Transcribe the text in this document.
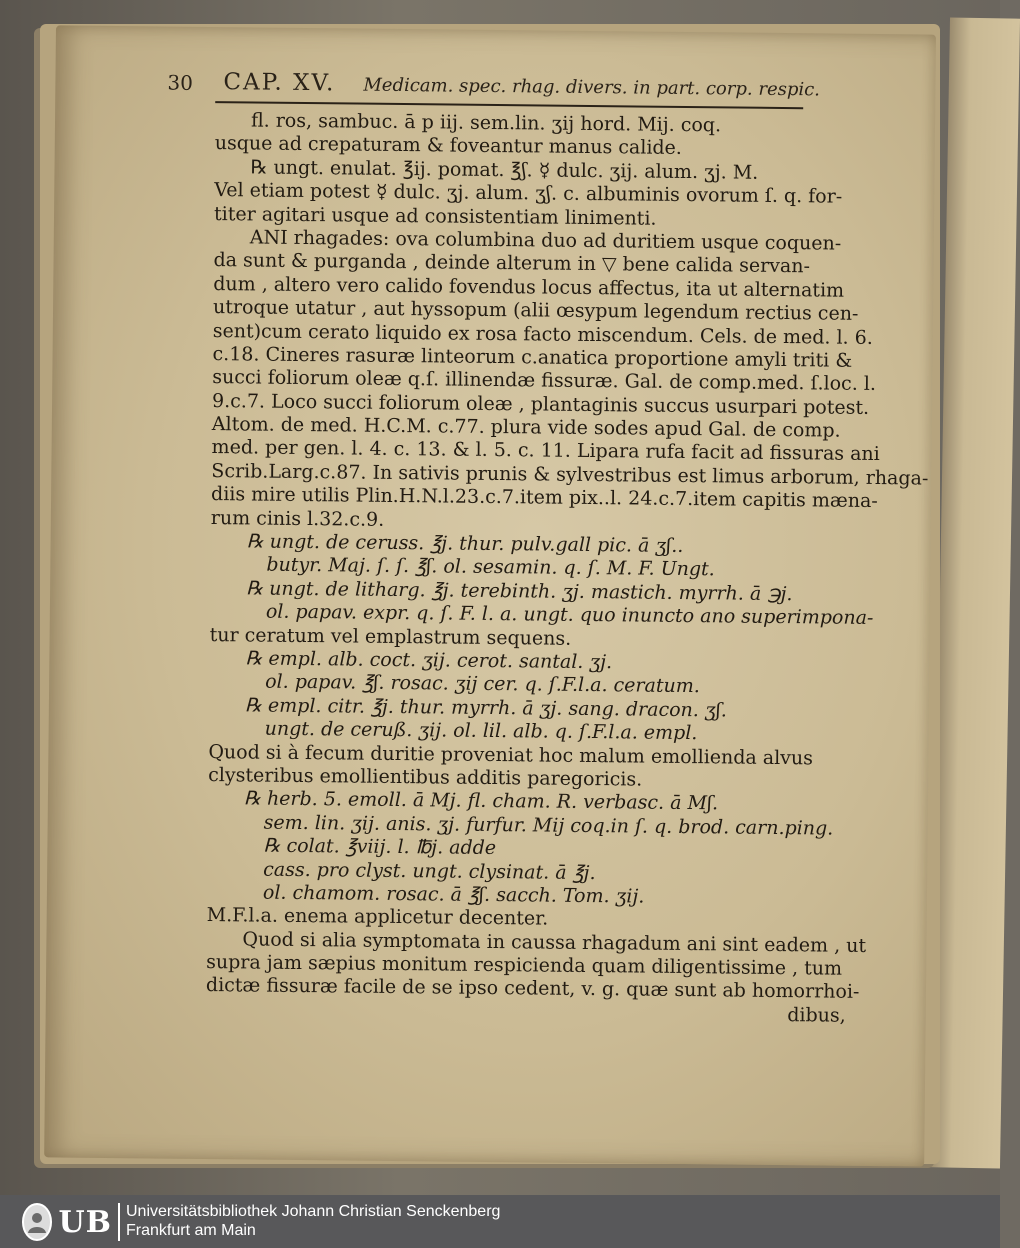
30 CAP. XV. Medicam. spec. rhag. divers. in part. corp. respic.
fl. ros, sambuc. ā p iij. sem.lin. ʒij hord. Mij. coq.
usque ad crepaturam & foveantur manus calide.
℞ ungt. enulat. ℥ij. pomat. ℥ʃ. ☿ dulc. ʒij. alum. ʒj. M.
Vel etiam potest ☿ dulc. ʒj. alum. ʒʃ. c. albuminis ovorum ſ. q. for-
titer agitari usque ad consistentiam linimenti.
ANI rhagades: ova columbina duo ad duritiem usque coquen-
da sunt & purganda , deinde alterum in ▽ bene calida servan-
dum , altero vero calido fovendus locus affectus, ita ut alternatim
utroque utatur , aut hyssopum (alii œsypum legendum rectius cen-
sent)cum cerato liquido ex rosa facto miscendum. Cels. de med. l. 6.
c.18. Cineres rasuræ linteorum c.anatica proportione amyli triti &
succi foliorum oleæ q.ſ. illinendæ fissuræ. Gal. de comp.med. ſ.loc. l.
9.c.7. Loco succi foliorum oleæ , plantaginis succus usurpari potest.
Altom. de med. H.C.M. c.77. plura vide sodes apud Gal. de comp.
med. per gen. l. 4. c. 13. & l. 5. c. 11. Lipara rufa facit ad fissuras ani
Scrib.Larg.c.87. In sativis prunis & sylvestribus est limus arborum, rhaga-
diis mire utilis Plin.H.N.l.23.c.7.item pix..l. 24.c.7.item capitis mæna-
rum cinis l.32.c.9.
℞ ungt. de ceruss. ℥j. thur. pulv.gall pic. ā ʒʃ..
butyr. Maj. ſ. ſ. ℥ʃ. ol. sesamin. q. ſ. M. F. Ungt.
℞ ungt. de litharg. ℥j. terebinth. ʒj. mastich. myrrh. ā ℈j.
ol. papav. expr. q. ſ. F. l. a. ungt. quo inuncto ano superimpona-
tur ceratum vel emplastrum sequens.
℞ empl. alb. coct. ʒij. cerot. santal. ʒj.
ol. papav. ℥ʃ. rosac. ʒij cer. q. ſ.F.l.a. ceratum.
℞ empl. citr. ℥j. thur. myrrh. ā ʒj. sang. dracon. ʒʃ.
ungt. de ceruß. ʒij. ol. lil. alb. q. ſ.F.l.a. empl.
Quod si à fecum duritie proveniat hoc malum emollienda alvus
clysteribus emollientibus additis paregoricis.
℞ herb. 5. emoll. ā Mj. fl. cham. R. verbasc. ā Mʃ.
sem. lin. ʒij. anis. ʒj. furfur. Mij coq.in ſ. q. brod. carn.ping.
℞ colat. ℥viij. l. ℔j. adde
cass. pro clyst. ungt. clysinat. ā ℥j.
ol. chamom. rosac. ā ℥ʃ. sacch. Tom. ʒij.
M.F.l.a. enema applicetur decenter.
Quod si alia symptomata in caussa rhagadum ani sint eadem , ut
supra jam sæpius monitum respicienda quam diligentissime , tum
dictæ fissuræ facile de se ipso cedent, v. g. quæ sunt ab homorrhoi-
dibus,
UB Universitätsbibliothek Johann Christian Senckenberg
Frankfurt am Main
